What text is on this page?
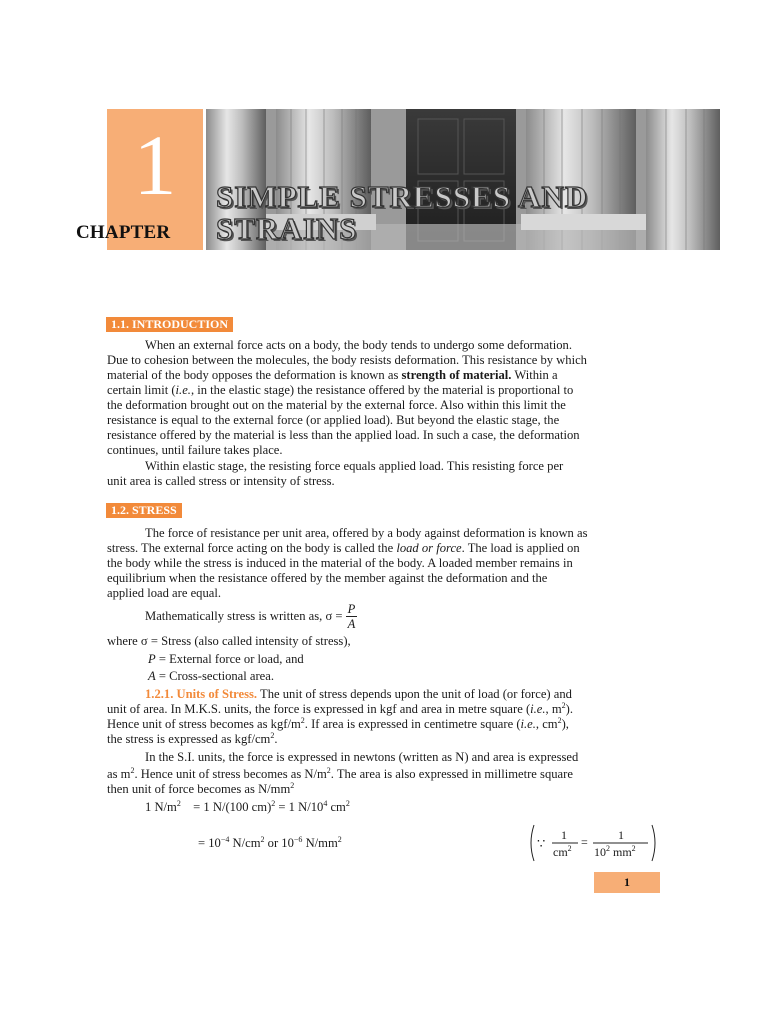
1
CHAPTER
SIMPLE STRESSES AND
STRAINS
1.1. INTRODUCTION
When an external force acts on a body, the body tends to undergo some deformation.
Due to cohesion between the molecules, the body resists deformation. This resistance by which
material of the body opposes the deformation is known as strength of material. Within a
certain limit (i.e., in the elastic stage) the resistance offered by the material is proportional to
the deformation brought out on the material by the external force. Also within this limit the
resistance is equal to the external force (or applied load). But beyond the elastic stage, the
resistance offered by the material is less than the applied load. In such a case, the deformation
continues, until failure takes place.
Within elastic stage, the resisting force equals applied load. This resisting force per
unit area is called stress or intensity of stress.
1.2. STRESS
The force of resistance per unit area, offered by a body against deformation is known as
stress. The external force acting on the body is called the load or force. The load is applied on
the body while the stress is induced in the material of the body. A loaded member remains in
equilibrium when the resistance offered by the member against the deformation and the
applied load are equal.
Mathematically stress is written as, $\sigma = \frac{P}{A}$
where σ = Stress (also called intensity of stress),
P = External force or load, and
A = Cross-sectional area.
1.2.1. Units of Stress. The unit of stress depends upon the unit of load (or force) and
unit of area. In M.K.S. units, the force is expressed in kgf and area in metre square (i.e., $m^2$).
Hence unit of stress becomes as kgf/$m^2$. If area is expressed in centimetre square (i.e., $cm^2$),
the stress is expressed as kgf/$cm^2$.
In the S.I. units, the force is expressed in newtons (written as N) and area is expressed
as $m^2$. Hence unit of stress becomes as $N/m^2$. The area is also expressed in millimetre square
then unit of force becomes as $N/mm^2$
1 $N/m^2 = 1$ N/(100 cm)$^2$ = 1 $N/10^4$ $cm^2$
= $10^{-4}$ $N/cm^2$ or $10^{-6}$ $N/mm^2$	∵
1
$cm^2$ =	1
$10^2$ $mm^2$
1
